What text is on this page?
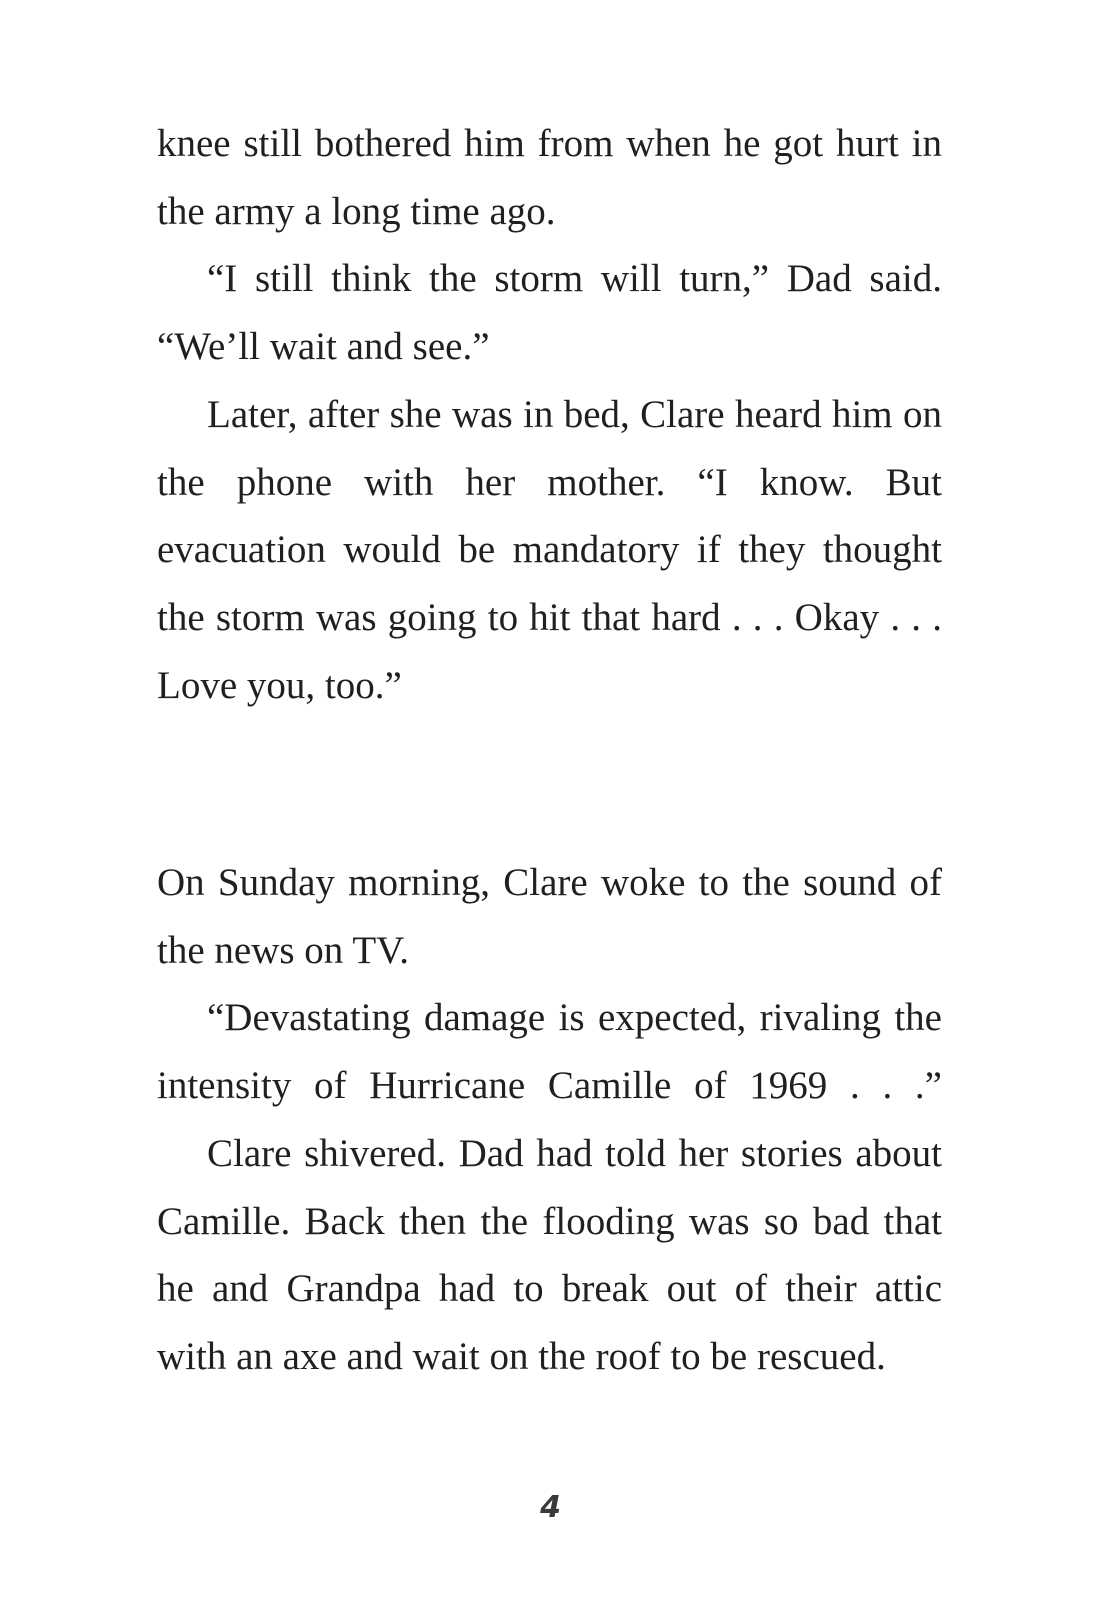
knee still bothered him from when he got hurt in the army a long time ago.

“I still think the storm will turn,” Dad said. “We’ll wait and see.”

Later, after she was in bed, Clare heard him on the phone with her mother. “I know. But evacuation would be mandatory if they thought the storm was going to hit that hard . . . Okay . . . Love you, too.”

On Sunday morning, Clare woke to the sound of the news on TV.

“Devastating damage is expected, rivaling the intensity of Hurricane Camille of 1969 . . .”

Clare shivered. Dad had told her stories about Camille. Back then the flooding was so bad that he and Grandpa had to break out of their attic with an axe and wait on the roof to be rescued.

4
